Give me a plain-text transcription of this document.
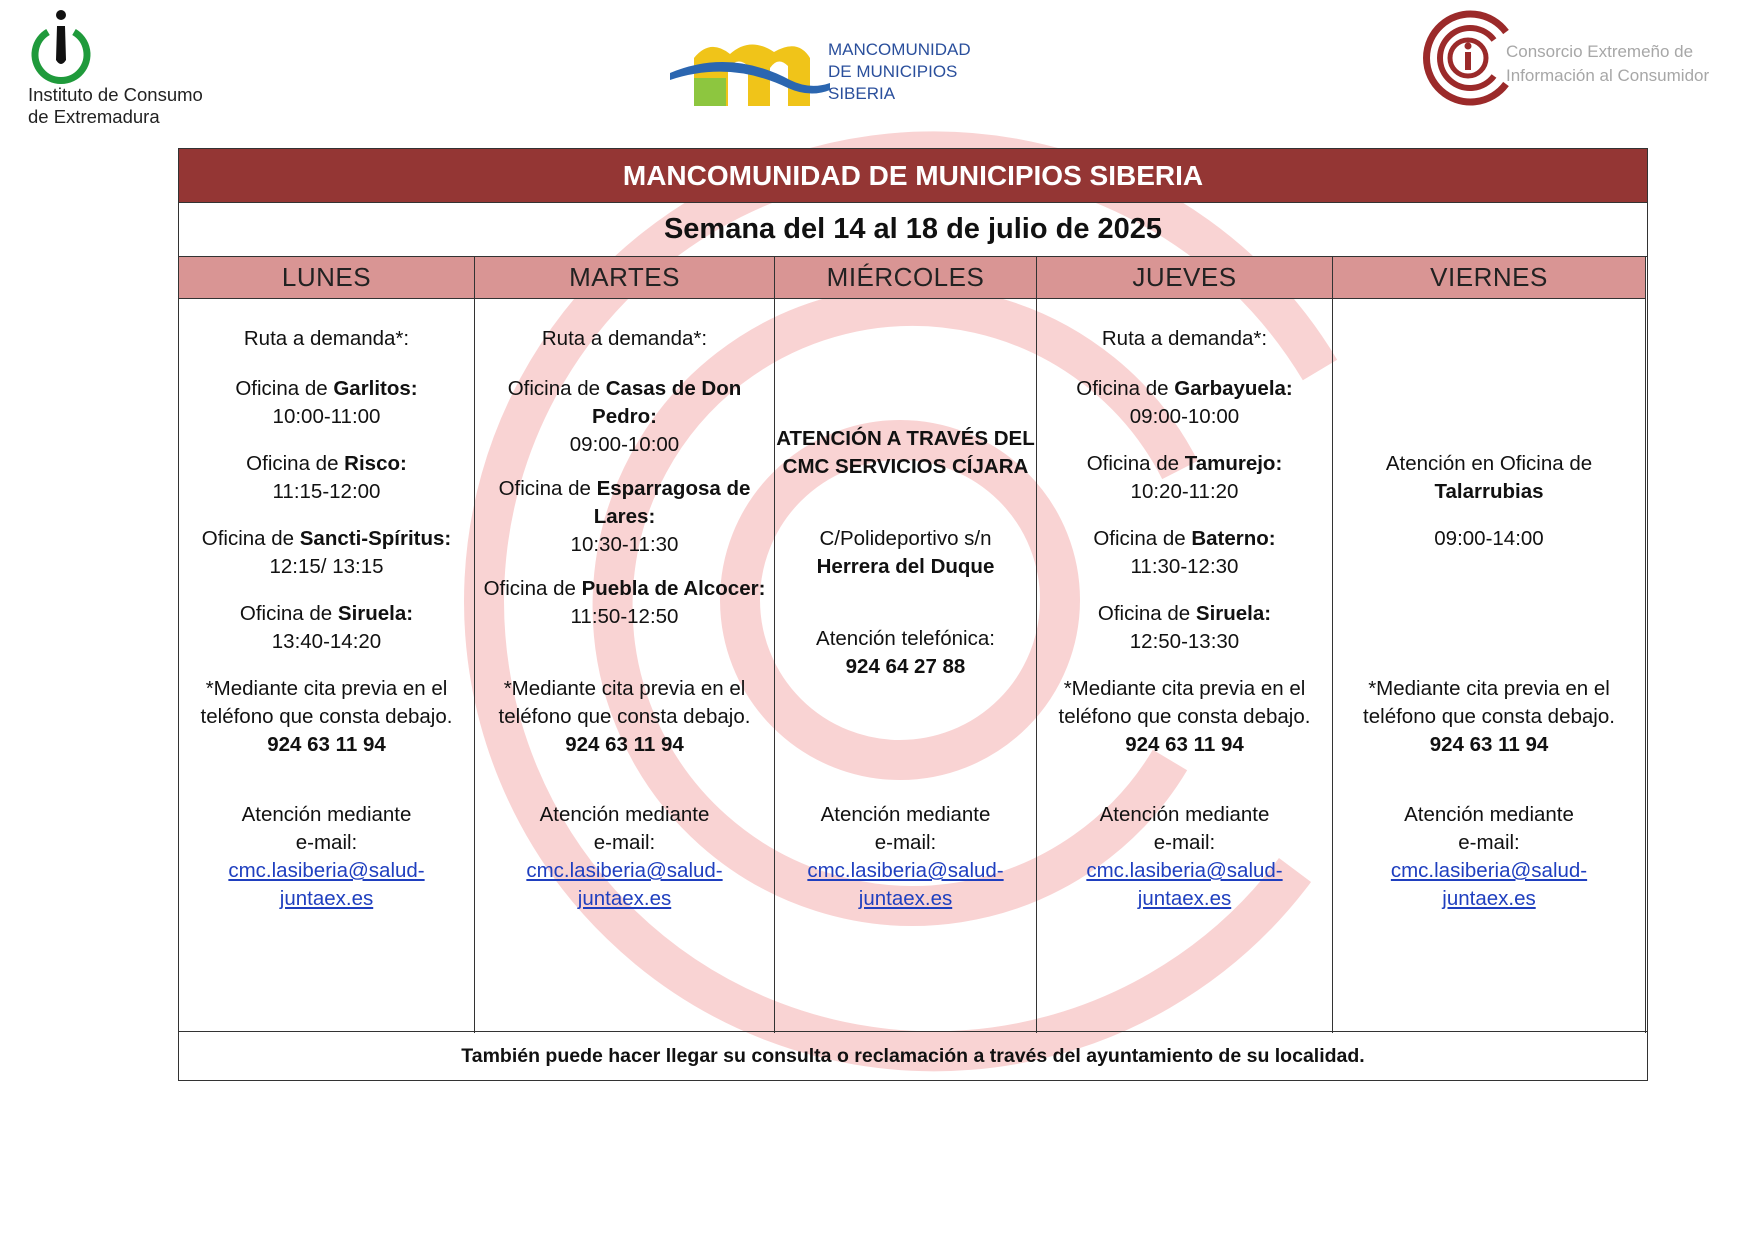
Instituto de Consumo
de Extremadura
MANCOMUNIDAD
DE MUNICIPIOS
SIBERIA
Consorcio Extremeño de
Información al Consumidor
MANCOMUNIDAD DE MUNICIPIOS SIBERIA
Semana del 14 al 18 de julio de 2025
LUNES
Ruta a demanda*:
Oficina de Garlitos:
10:00-11:00
Oficina de Risco:
11:15-12:00
Oficina de Sancti-Spíritus:
12:15/ 13:15
Oficina de Siruela:
13:40-14:20
*Mediante cita previa en el
teléfono que consta debajo.
924 63 11 94
Atención mediante
e-mail:
cmc.lasiberia@salud-
juntaex.es
MARTES
Ruta a demanda*:
Oficina de Casas de Don
Pedro:
09:00-10:00
Oficina de Esparragosa de
Lares:
10:30-11:30
Oficina de Puebla de Alcocer:
11:50-12:50
*Mediante cita previa en el
teléfono que consta debajo.
924 63 11 94
Atención mediante
e-mail:
cmc.lasiberia@salud-
juntaex.es
MIÉRCOLES
ATENCIÓN A TRAVÉS DEL
CMC SERVICIOS CÍJARA
C/Polideportivo s/n
Herrera del Duque
Atención telefónica:
924 64 27 88
Atención mediante
e-mail:
cmc.lasiberia@salud-
juntaex.es
JUEVES
Ruta a demanda*:
Oficina de Garbayuela:
09:00-10:00
Oficina de Tamurejo:
10:20-11:20
Oficina de Baterno:
11:30-12:30
Oficina de Siruela:
12:50-13:30
*Mediante cita previa en el
teléfono que consta debajo.
924 63 11 94
Atención mediante
e-mail:
cmc.lasiberia@salud-
juntaex.es
VIERNES
Atención en Oficina de
Talarrubias
09:00-14:00
*Mediante cita previa en el
teléfono que consta debajo.
924 63 11 94
Atención mediante
e-mail:
cmc.lasiberia@salud-
juntaex.es
También puede hacer llegar su consulta o reclamación a través del ayuntamiento de su localidad.
